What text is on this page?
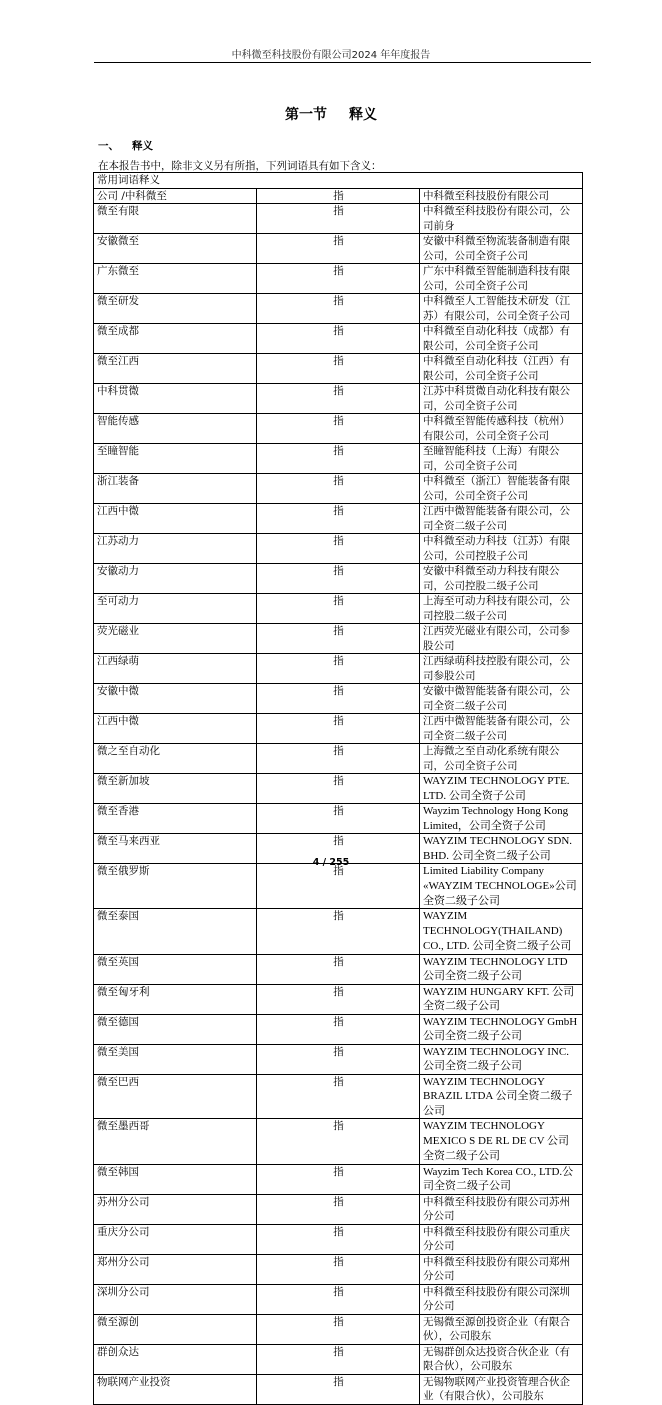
中科微至科技股份有限公司2024 年年度报告
第一节 释义
一、 释义
在本报告书中，除非文义另有所指，下列词语具有如下含义：
常用词语释义		
公司 /中科微至	指	中科微至科技股份有限公司
微至有限	指	中科微至科技股份有限公司，公司前身
安徽微至	指	安徽中科微至物流装备制造有限公司，公司全资子公司
广东微至	指	广东中科微至智能制造科技有限公司，公司全资子公司
微至研发	指	中科微至人工智能技术研发（江苏）有限公司，公司全资子公司
微至成都	指	中科微至自动化科技（成都）有限公司，公司全资子公司
微至江西	指	中科微至自动化科技（江西）有限公司，公司全资子公司
中科贯微	指	江苏中科贯微自动化科技有限公司，公司全资子公司
智能传感	指	中科微至智能传感科技（杭州）有限公司，公司全资子公司
至瞳智能	指	至瞳智能科技（上海）有限公司，公司全资子公司
浙江装备	指	中科微至（浙江）智能装备有限公司，公司全资子公司
江西中微	指	江西中微智能装备有限公司，公司全资二级子公司
江苏动力	指	中科微至动力科技（江苏）有限公司，公司控股子公司
安徽动力	指	安徽中科微至动力科技有限公司，公司控股二级子公司
至可动力	指	上海至可动力科技有限公司，公司控股二级子公司
荧光磁业	指	江西荧光磁业有限公司，公司参股公司
江西绿萌	指	江西绿萌科技控股有限公司，公司参股公司
安徽中微	指	安徽中微智能装备有限公司，公司全资二级子公司
江西中微	指	江西中微智能装备有限公司，公司全资二级子公司
微之至自动化	指	上海微之至自动化系统有限公司，公司全资子公司
微至新加坡	指	WAYZIM TECHNOLOGY PTE. LTD. 公司全资子公司
微至香港	指	Wayzim Technology Hong Kong Limited，公司全资子公司
微至马来西亚	指	WAYZIM TECHNOLOGY SDN. BHD. 公司全资二级子公司
微至俄罗斯	指	Limited Liability Company «WAYZIM TECHNOLOGE»公司全资二级子公司
微至泰国	指	WAYZIM TECHNOLOGY(THAILAND) CO., LTD. 公司全资二级子公司
微至英国	指	WAYZIM TECHNOLOGY LTD 公司全资二级子公司
微至匈牙利	指	WAYZIM HUNGARY KFT. 公司全资二级子公司
微至德国	指	WAYZIM TECHNOLOGY GmbH 公司全资二级子公司
微至美国	指	WAYZIM TECHNOLOGY INC. 公司全资二级子公司
微至巴西	指	WAYZIM TECHNOLOGY BRAZIL LTDA 公司全资二级子公司
微至墨西哥	指	WAYZIM TECHNOLOGY MEXICO S DE RL DE CV 公司全资二级子公司
微至韩国	指	Wayzim Tech Korea CO., LTD.公司全资二级子公司
苏州分公司	指	中科微至科技股份有限公司苏州分公司
重庆分公司	指	中科微至科技股份有限公司重庆分公司
郑州分公司	指	中科微至科技股份有限公司郑州分公司
深圳分公司	指	中科微至科技股份有限公司深圳分公司
微至源创	指	无锡微至源创投资企业（有限合伙），公司股东
群创众达	指	无锡群创众达投资合伙企业（有限合伙），公司股东
物联网产业投资	指	无锡物联网产业投资管理合伙企业（有限合伙），公司股东
4 / 255
